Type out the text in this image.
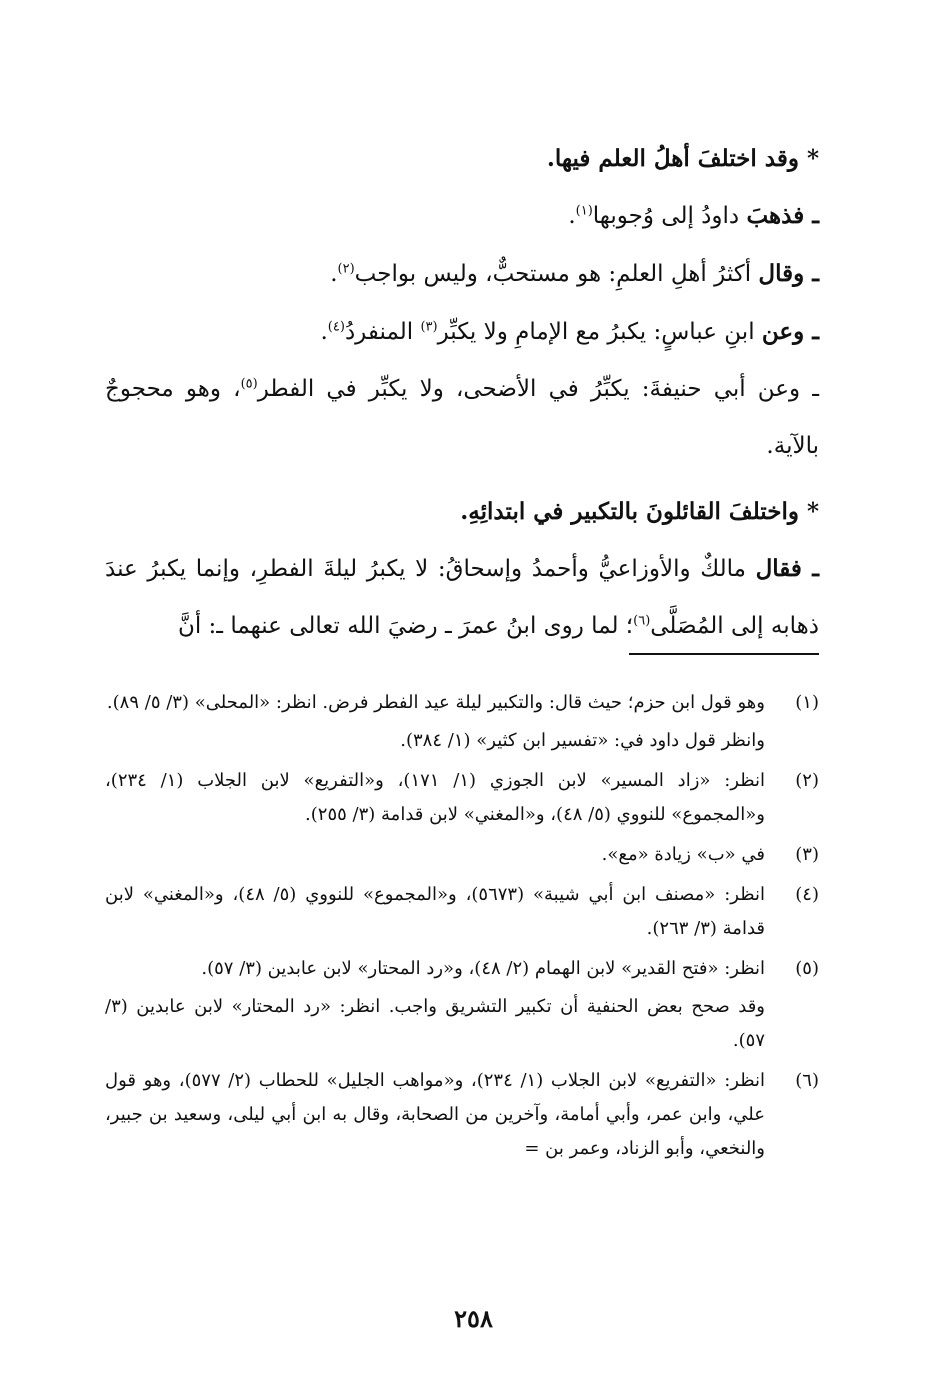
* وقد اختلفَ أهلُ العلم فيها.

ـ فذهبَ داودُ إلى وُجوبها$^{(١)}$.

ـ وقال أكثرُ أهلِ العلمِ: هو مستحبٌّ، وليس بواجب$^{(٢)}$.

ـ وعن ابنِ عباسٍ: يكبرُ مع الإمامِ ولا يكبِّر$^{(٣)}$ المنفردُ$^{(٤)}$.

ـ وعن أبي حنيفةَ: يكبِّرُ في الأضحى، ولا يكبِّر في الفطر$^{(٥)}$، وهو محجوجٌ بالآية.

* واختلفَ القائلونَ بالتكبير في ابتدائِهِ.

ـ فقال مالكٌ والأوزاعيُّ وأحمدُ وإسحاقُ: لا يكبرُ ليلةَ الفطرِ، وإنما يكبرُ عندَ ذهابه إلى المُصَلَّى$^{(٦)}$؛ لما روى ابنُ عمرَ ـ رضيَ الله تعالى عنهما ـ: أنَّ

(١)

وهو قول ابن حزم؛ حيث قال: والتكبير ليلة عيد الفطر فرض. انظر: «المحلى» (٣/ ٥/ ٨٩).

وانظر قول داود في: «تفسير ابن كثير» (١/ ٣٨٤).

(٢)

انظر: «زاد المسير» لابن الجوزي (١/ ١٧١)، و«التفريع» لابن الجلاب (١/ ٢٣٤)، و«المجموع» للنووي (٥/ ٤٨)، و«المغني» لابن قدامة (٣/ ٢٥٥).

(٣)

في «ب» زيادة «مع».

(٤)

انظر: «مصنف ابن أبي شيبة» (٥٦٧٣)، و«المجموع» للنووي (٥/ ٤٨)، و«المغني» لابن قدامة (٣/ ٢٦٣).

(٥)

انظر: «فتح القدير» لابن الهمام (٢/ ٤٨)، و«رد المحتار» لابن عابدين (٣/ ٥٧).

وقد صحح بعض الحنفية أن تكبير التشريق واجب. انظر: «رد المحتار» لابن عابدين (٣/ ٥٧).

(٦)

انظر: «التفريع» لابن الجلاب (١/ ٢٣٤)، و«مواهب الجليل» للحطاب (٢/ ٥٧٧)، وهو قول علي، وابن عمر، وأبي أمامة، وآخرين من الصحابة، وقال به ابن أبي ليلى، وسعيد بن جبير، والنخعي، وأبو الزناد، وعمر بن =

٢٥٨
